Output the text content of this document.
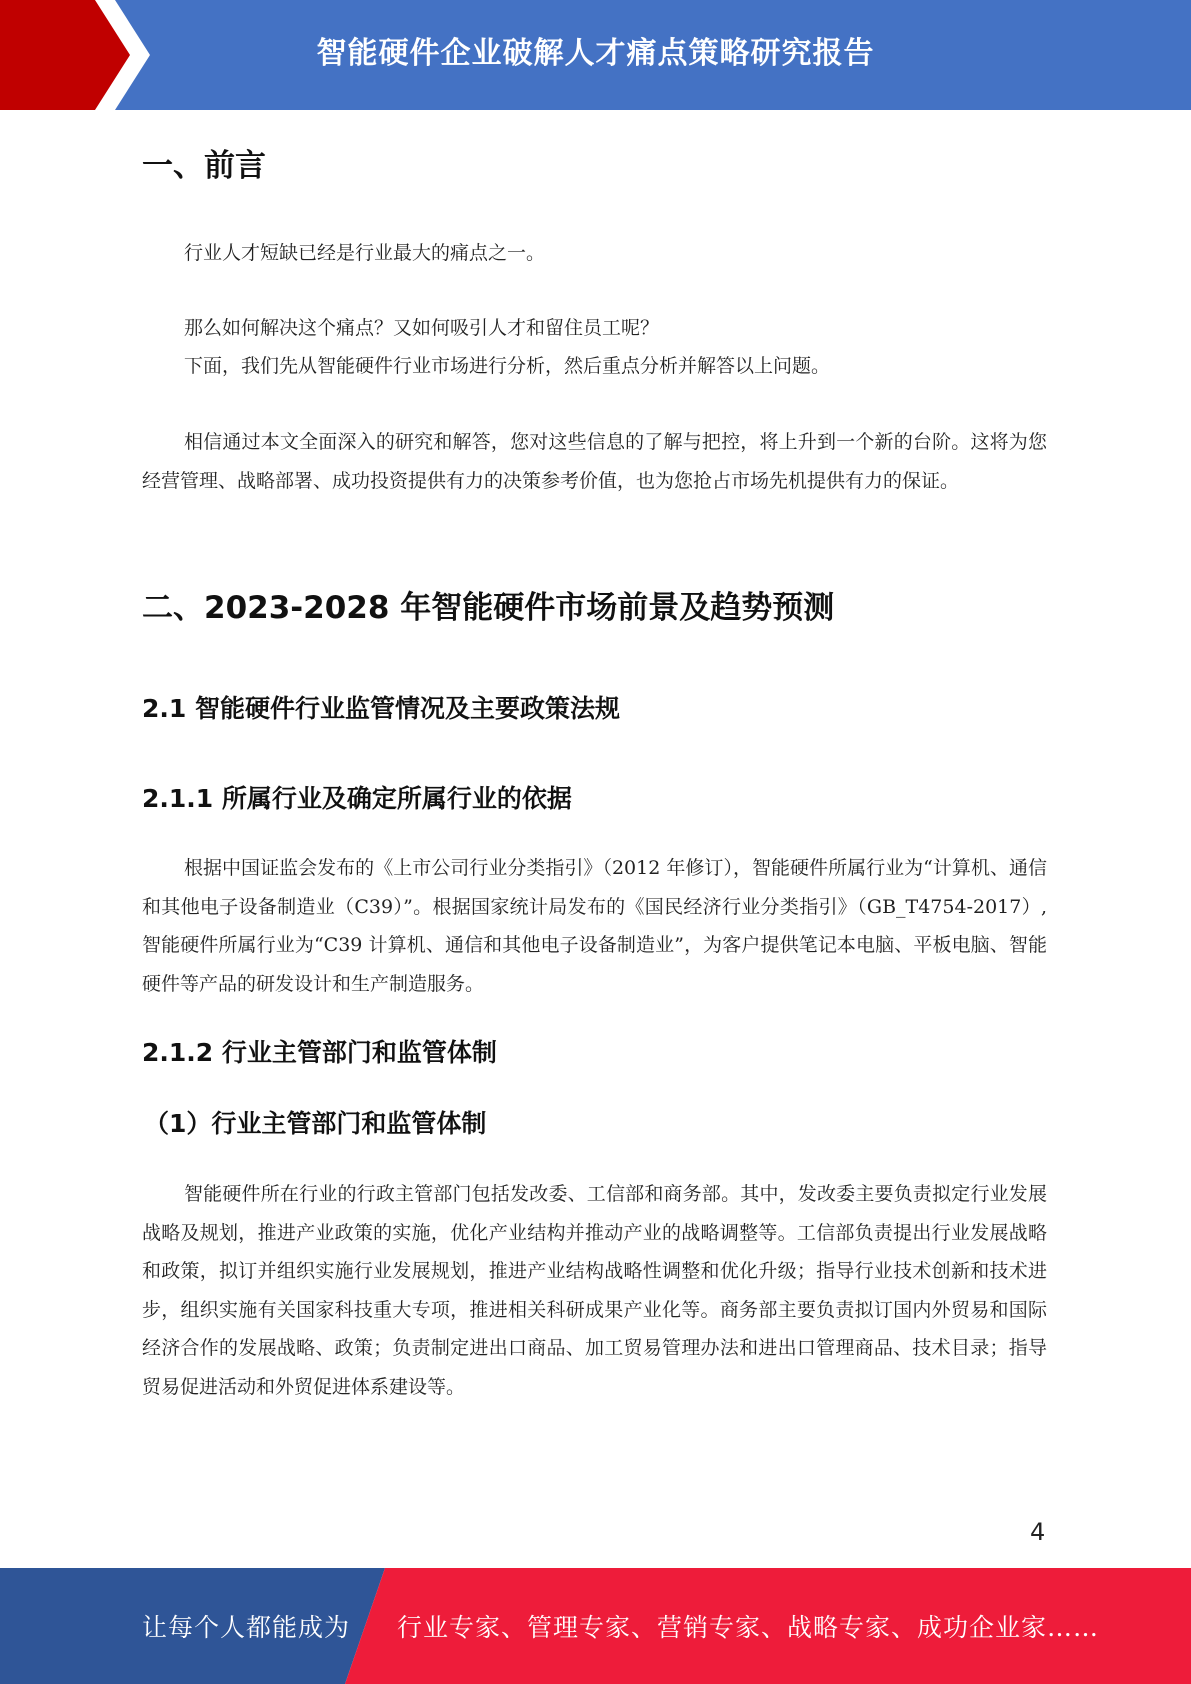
智能硬件企业破解人才痛点策略研究报告
一、前言

行业人才短缺已经是行业最大的痛点之一。

那么如何解决这个痛点？又如何吸引人才和留住员工呢？

下面，我们先从智能硬件行业市场进行分析，然后重点分析并解答以上问题。

相信通过本文全面深入的研究和解答，您对这些信息的了解与把控，将上升到一个新的台阶。这将为您经营管理、战略部署、成功投资提供有力的决策参考价值，也为您抢占市场先机提供有力的保证。

二、2023-2028 年智能硬件市场前景及趋势预测
2.1 智能硬件行业监管情况及主要政策法规
2.1.1 所属行业及确定所属行业的依据

根据中国证监会发布的《上市公司行业分类指引》（2012 年修订），智能硬件所属行业为“计算机、通信和其他电子设备制造业（C39）”。根据国家统计局发布的《国民经济行业分类指引》（GB_T4754-2017）,智能硬件所属行业为“C39 计算机、通信和其他电子设备制造业”，为客户提供笔记本电脑、平板电脑、智能硬件等产品的研发设计和生产制造服务。

2.1.2 行业主管部门和监管体制
（1）行业主管部门和监管体制

智能硬件所在行业的行政主管部门包括发改委、工信部和商务部。其中，发改委主要负责拟定行业发展战略及规划，推进产业政策的实施，优化产业结构并推动产业的战略调整等。工信部负责提出行业发展战略和政策，拟订并组织实施行业发展规划，推进产业结构战略性调整和优化升级；指导行业技术创新和技术进步，组织实施有关国家科技重大专项，推进相关科研成果产业化等。商务部主要负责拟订国内外贸易和国际经济合作的发展战略、政策；负责制定进出口商品、加工贸易管理办法和进出口管理商品、技术目录；指导贸易促进活动和外贸促进体系建设等。

4
让每个人都能成为 行业专家、管理专家、营销专家、战略专家、成功企业家……
